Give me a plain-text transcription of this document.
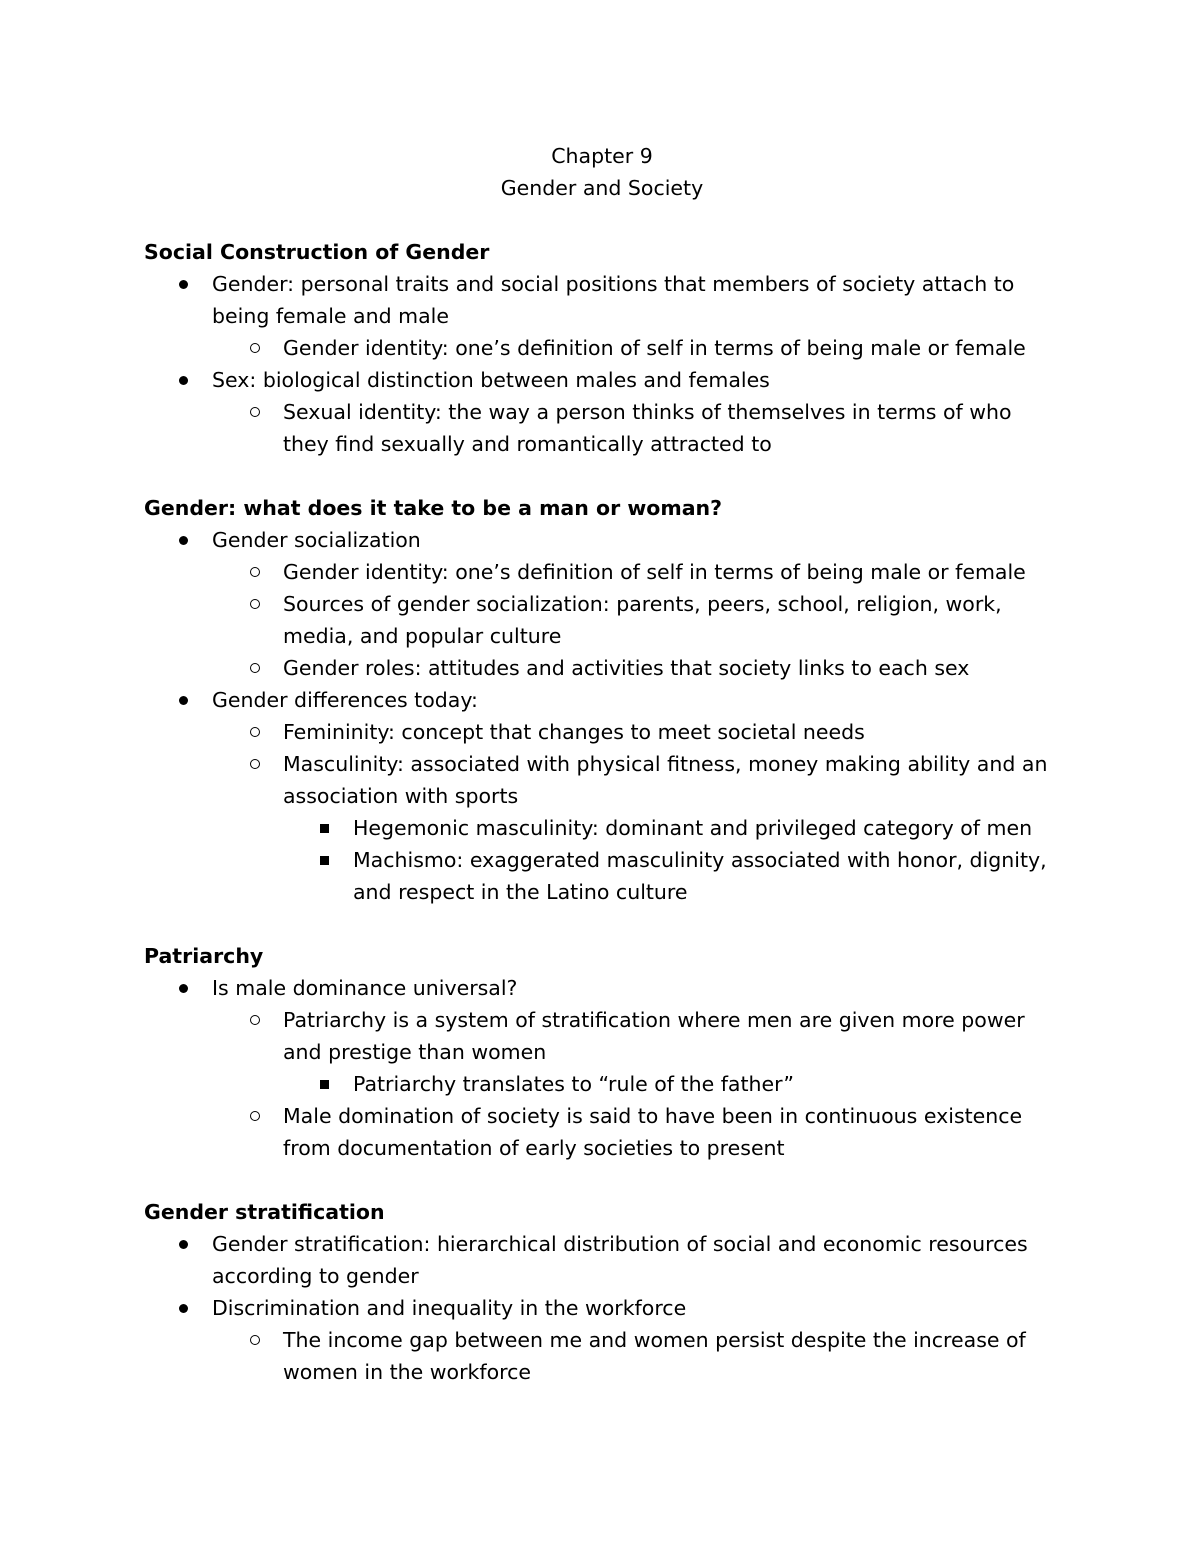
Chapter 9

Gender and Society

Social Construction of Gender

Gender: personal traits and social positions that members of society attach to being female and male
Gender identity: one’s definition of self in terms of being male or female
Sex: biological distinction between males and females
Sexual identity: the way a person thinks of themselves in terms of who they find sexually and romantically attracted to

Gender: what does it take to be a man or woman?

Gender socialization
Gender identity: one’s definition of self in terms of being male or female
Sources of gender socialization: parents, peers, school, religion, work, media, and popular culture
Gender roles: attitudes and activities that society links to each sex
Gender differences today:
Femininity: concept that changes to meet societal needs
Masculinity: associated with physical fitness, money making ability and an association with sports
Hegemonic masculinity: dominant and privileged category of men
Machismo: exaggerated masculinity associated with honor, dignity, and respect in the Latino culture

Patriarchy

Is male dominance universal?
Patriarchy is a system of stratification where men are given more power and prestige than women
Patriarchy translates to “rule of the father”
Male domination of society is said to have been in continuous existence from documentation of early societies to present

Gender stratification

Gender stratification: hierarchical distribution of social and economic resources according to gender
Discrimination and inequality in the workforce
The income gap between me and women persist despite the increase of women in the workforce
